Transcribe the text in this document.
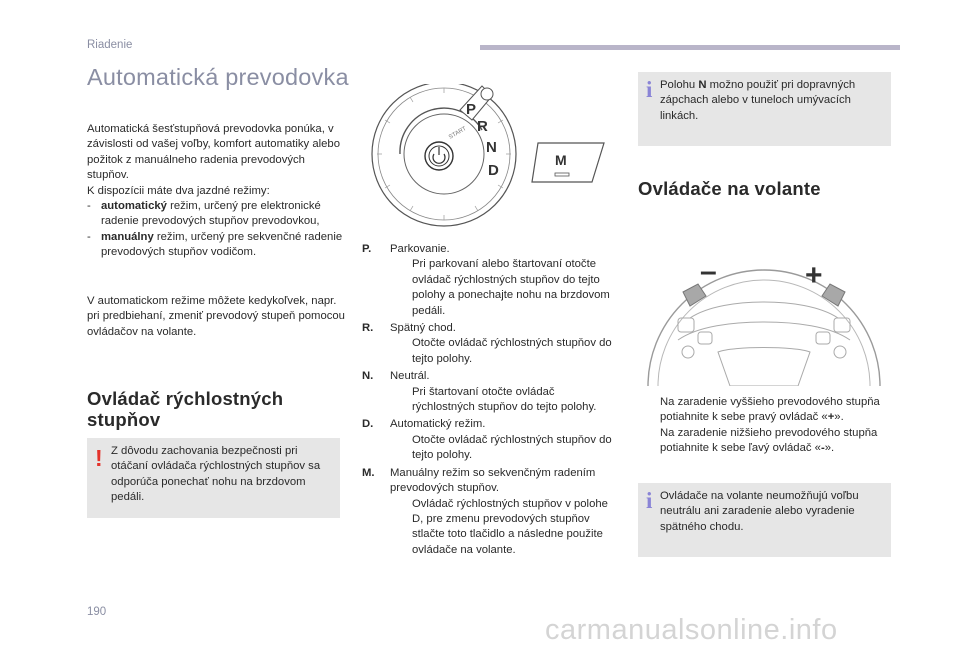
Riadenie
Automatická prevodovka
Automatická šesťstupňová prevodovka ponúka, v závislosti od vašej voľby, komfort automatiky alebo požitok z manuálneho radenia prevodových stupňov.
K dispozícii máte dva jazdné režimy:
- automatický režim, určený pre elektronické radenie prevodových stupňov prevodovkou,
- manuálny režim, určený pre sekvenčné radenie prevodových stupňov vodičom.
V automatickom režime môžete kedykoľvek, napr. pri predbiehaní, zmeniť prevodový stupeň pomocou ovládačov na volante.
Ovládač rýchlostných
stupňov
! Z dôvodu zachovania bezpečnosti pri otáčaní ovládača rýchlostných stupňov sa odporúča ponechať nohu na brzdovom pedáli.
START
P
R
N
D
M
P.	Parkovanie.
Pri parkovaní alebo štartovaní otočte ovládač rýchlostných stupňov do tejto polohy a ponechajte nohu na brzdovom pedáli.
R.	Spätný chod.
Otočte ovládač rýchlostných stupňov do tejto polohy.
N.	Neutrál.
Pri štartovaní otočte ovládač rýchlostných stupňov do tejto polohy.
D.	Automatický režim.
Otočte ovládač rýchlostných stupňov do tejto polohy.
M.	Manuálny režim so sekvenčným radením prevodových stupňov.
Ovládač rýchlostných stupňov v polohe D, pre zmenu prevodových stupňov stlačte toto tlačidlo a následne použite ovládače na volante.
i Polohu N možno použiť pri dopravných zápchach alebo v tuneloch umývacích linkách.
Ovládače na volante
–	+
Na zaradenie vyššieho prevodového stupňa potiahnite k sebe pravý ovládač «+».
Na zaradenie nižšieho prevodového stupňa potiahnite k sebe ľavý ovládač «-».
i Ovládače na volante neumožňujú voľbu neutrálu ani zaradenie alebo vyradenie spätného chodu.
190
carmanualsonline.info
